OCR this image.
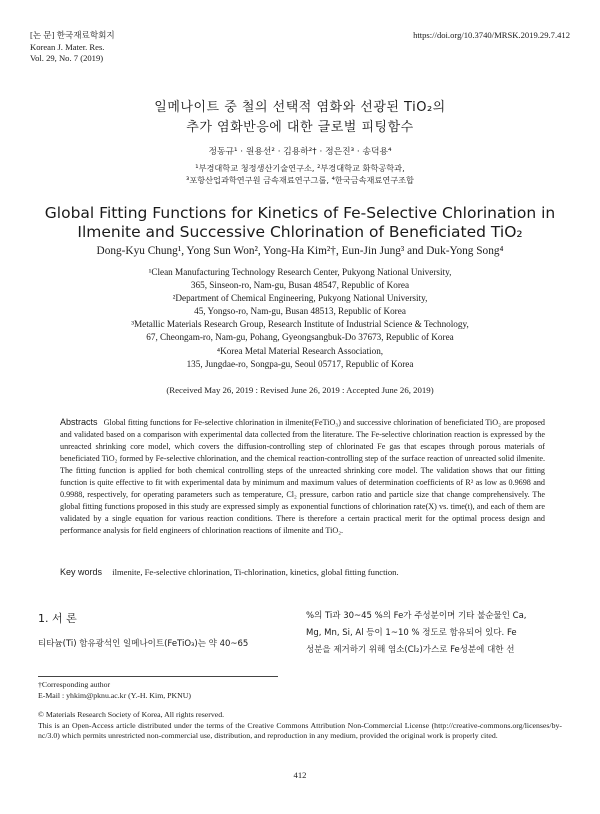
[논 문] 한국재료학회지
Korean J. Mater. Res.
Vol. 29, No. 7 (2019)
https://doi.org/10.3740/MRSK.2019.29.7.412
일메나이트 중 철의 선택적 염화와 선광된 TiO₂의
추가 염화반응에 대한 글로벌 피팅함수
정동규¹ · 원용선² · 김용하²† · 정은진³ · 송덕용⁴
¹부경대학교 청정생산기술연구소, ²부경대학교 화학공학과,
³포항산업과학연구원 금속재료연구그룹, ⁴한국금속재료연구조합
Global Fitting Functions for Kinetics of Fe-Selective Chlorination in
Ilmenite and Successive Chlorination of Beneficiated TiO₂
Dong-Kyu Chung¹, Yong Sun Won², Yong-Ha Kim²†, Eun-Jin Jung³ and Duk-Yong Song⁴
¹Clean Manufacturing Technology Research Center, Pukyong National University,
365, Sinseon-ro, Nam-gu, Busan 48547, Republic of Korea
²Department of Chemical Engineering, Pukyong National University,
45, Yongso-ro, Nam-gu, Busan 48513, Republic of Korea
³Metallic Materials Research Group, Research Institute of Industrial Science & Technology,
67, Cheongam-ro, Nam-gu, Pohang, Gyeongsangbuk-Do 37673, Republic of Korea
⁴Korea Metal Material Research Association,
135, Jungdae-ro, Songpa-gu, Seoul 05717, Republic of Korea
(Received May 26, 2019 : Revised June 26, 2019 : Accepted June 26, 2019)
Abstracts Global fitting functions for Fe-selective chlorination in ilmenite(FeTiO₃) and successive chlorination of beneficiated TiO₂ are proposed and validated based on a comparison with experimental data collected from the literature. The Fe-selective chlorination reaction is expressed by the unreacted shrinking core model, which covers the diffusion-controlling step of chlorinated Fe gas that escapes through porous materials of beneficiated TiO₂ formed by Fe-selective chlorination, and the chemical reaction-controlling step of the surface reaction of unreacted solid ilmenite. The fitting function is applied for both chemical controlling steps of the unreacted shrinking core model. The validation shows that our fitting function is quite effective to fit with experimental data by minimum and maximum values of determination coefficients of R² as low as 0.9698 and 0.9988, respectively, for operating parameters such as temperature, Cl₂ pressure, carbon ratio and particle size that change comprehensively. The global fitting functions proposed in this study are expressed simply as exponential functions of chlorination rate(X) vs. time(t), and each of them are validated by a single equation for various reaction conditions. There is therefore a certain practical merit for the optimal process design and performance analysis for field engineers of chlorination reactions of ilmenite and TiO₂.
Key words ilmenite, Fe-selective chlorination, Ti-chlorination, kinetics, global fitting function.
1. 서 론
티타늄(Ti) 함유광석인 일메나이트(FeTiO₃)는 약 40~65
%의 Ti과 30~45 %의 Fe가 주성분이며 기타 불순물인 Ca,
Mg, Mn, Si, Al 등이 1~10 % 정도로 함유되어 있다. Fe
성분을 제거하기 위해 염소(Cl₂)가스로 Fe성분에 대한 선
†Corresponding author
E-Mail : yhkim@pknu.ac.kr (Y.-H. Kim, PKNU)
© Materials Research Society of Korea, All rights reserved.
This is an Open-Access article distributed under the terms of the Creative Commons Attribution Non-Commercial License (http://creative-commons.org/licenses/by-nc/3.0) which permits unrestricted non-commercial use, distribution, and reproduction in any medium, provided the original work is properly cited.
412
